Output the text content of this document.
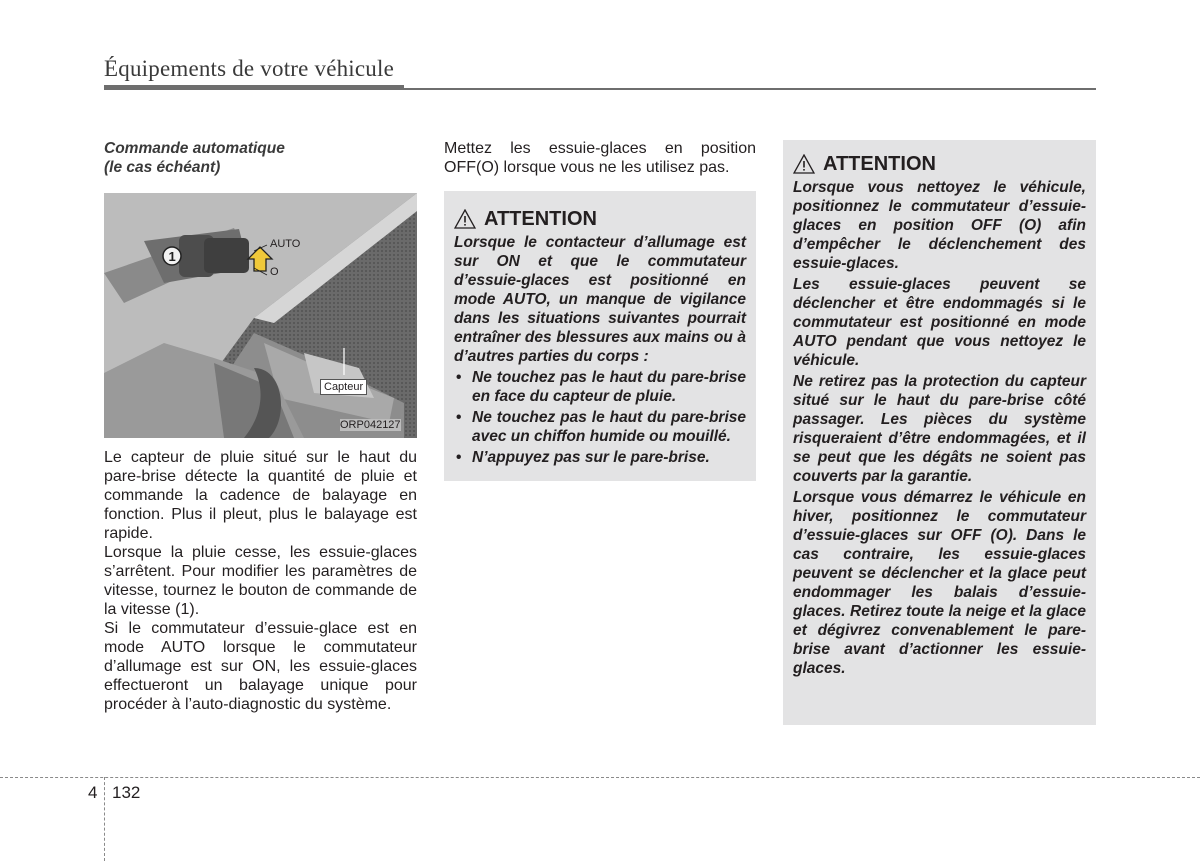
Équipements de votre véhicule
Commande automatique
(le cas échéant)
1
AUTO
O
Capteur
ORP042127

Le capteur de pluie situé sur le haut du pare-brise détecte la quantité de pluie et commande la cadence de balayage en fonction. Plus il pleut, plus le balayage est rapide.

Lorsque la pluie cesse, les essuie-glaces s’arrêtent. Pour modifier les paramètres de vitesse, tournez le bouton de commande de la vitesse (1).

Si le commutateur d’essuie-glace est en mode AUTO lorsque le commutateur d’allumage est sur ON, les essuie-glaces effectueront un balayage unique pour procéder à l’auto-diagnostic du système.

Mettez les essuie-glaces en position OFF(O) lorsque vous ne les utilisez pas.

ATTENTION

Lorsque le contacteur d’allumage est sur ON et que le commutateur d’essuie-glaces est positionné en mode AUTO, un manque de vigilance dans les situations suivantes pourrait entraîner des blessures aux mains ou à d’autres parties du corps :

• Ne touchez pas le haut du pare-brise en face du capteur de pluie.
• Ne touchez pas le haut du pare-brise avec un chiffon humide ou mouillé.
• N’appuyez pas sur le pare-brise.
ATTENTION

Lorsque vous nettoyez le véhicule, positionnez le commutateur d’essuie-glaces en position OFF (O) afin d’empêcher le déclenchement des essuie-glaces.

Les essuie-glaces peuvent se déclencher et être endommagés si le commutateur est positionné en mode AUTO pendant que vous nettoyez le véhicule.

Ne retirez pas la protection du capteur situé sur le haut du pare-brise côté passager. Les pièces du système risqueraient d’être endommagées, et il se peut que les dégâts ne soient pas couverts par la garantie.

Lorsque vous démarrez le véhicule en hiver, positionnez le commutateur d’essuie-glaces sur OFF (O). Dans le cas contraire, les essuie-glaces peuvent se déclencher et la glace peut endommager les balais d’essuie-glaces. Retirez toute la neige et la glace et dégivrez convenablement le pare-brise avant d’actionner les essuie-glaces.

4 132
